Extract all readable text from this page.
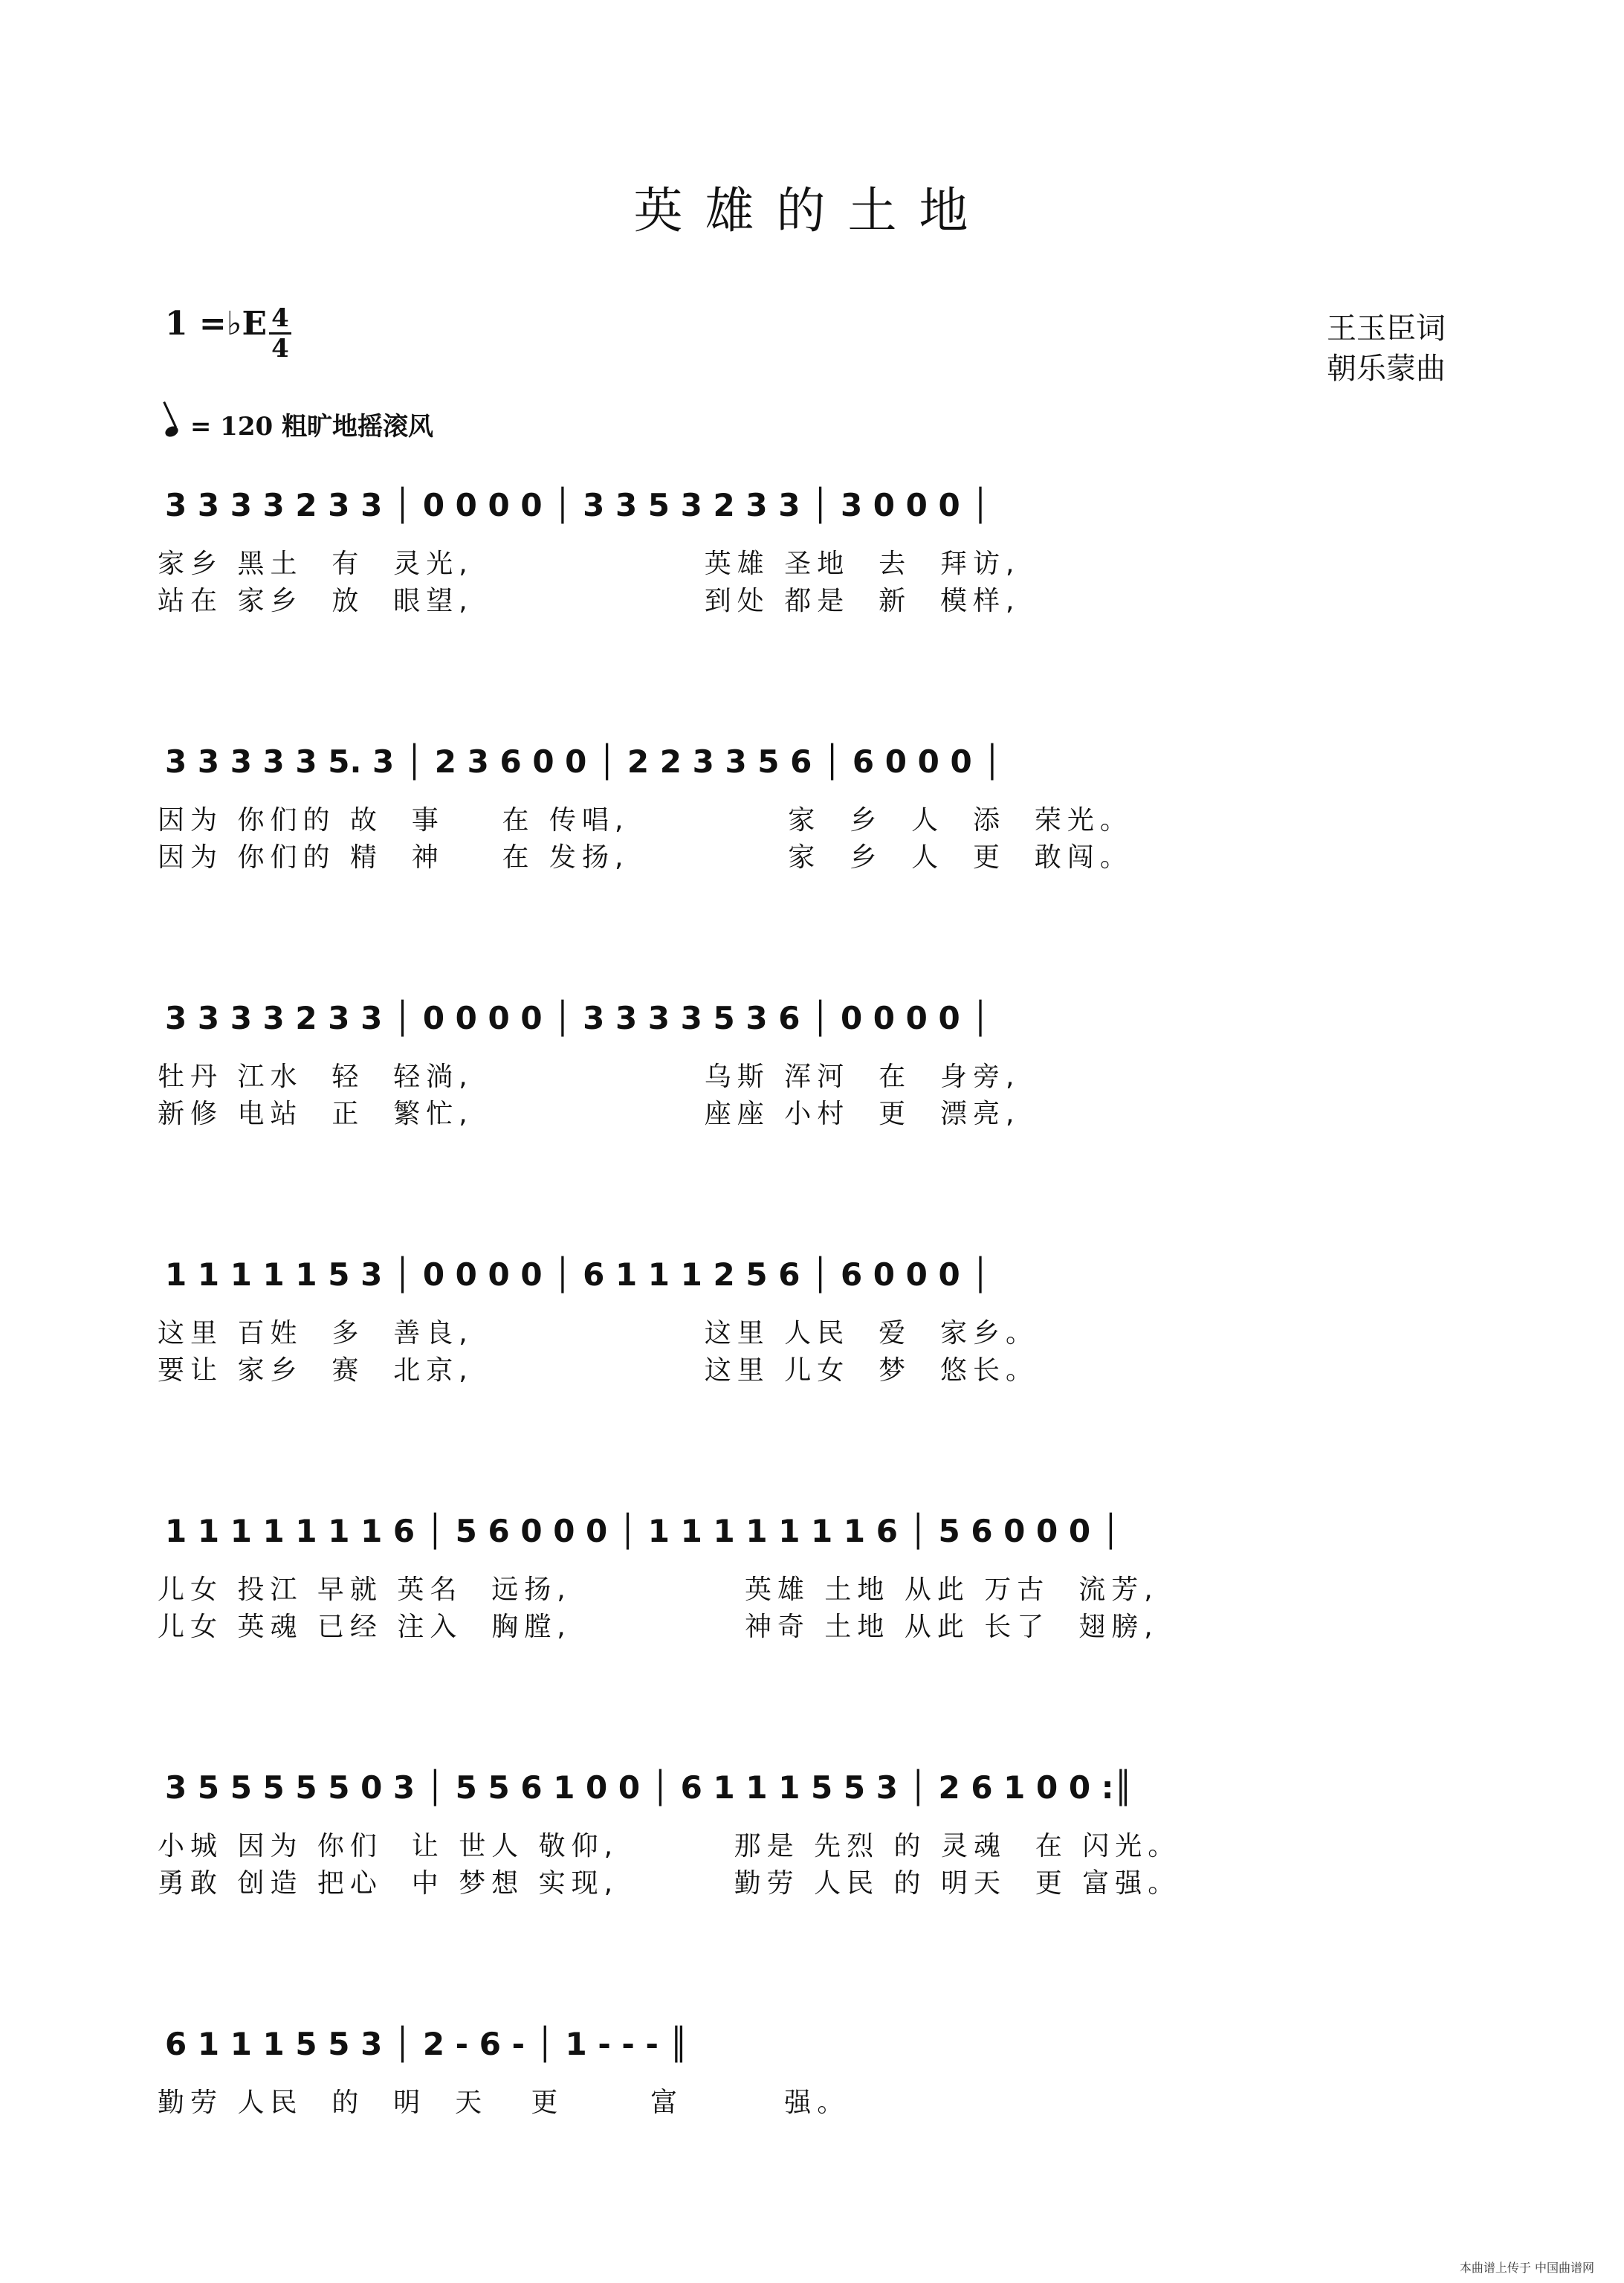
英雄的土地
1 =♭E 4
4
王玉臣词
朝乐蒙曲
= 120 粗旷地摇滚风
3 3 3 3 2 3 3 │ 0 0 0 0 │ 3 3 5 3 2 3 3 │ 3 0 0 0 │
家乡 黑土  有  灵光,                英雄 圣地  去  拜访,
站在 家乡  放  眼望,                到处 都是  新  模样,
3 3 3 3 3 5. 3 │ 2 3 6 0 0 │ 2 2 3 3 5 6 │ 6 0 0 0 │
因为 你们的 故  事    在 传唱,           家  乡  人  添  荣光。
因为 你们的 精  神    在 发扬,           家  乡  人  更  敢闯。
3 3 3 3 2 3 3 │ 0 0 0 0 │ 3 3 3 3 5 3 6 │ 0 0 0 0 │
牡丹 江水  轻  轻淌,                乌斯 浑河  在  身旁,
新修 电站  正  繁忙,                座座 小村  更  漂亮,
1 1 1 1 1 5 3 │ 0 0 0 0 │ 6 1 1 1 2 5 6 │ 6 0 0 0 │
这里 百姓  多  善良,                这里 人民  爱  家乡。
要让 家乡  赛  北京,                这里 儿女  梦  悠长。
1 1 1 1 1 1 1 6 │ 5 6 0 0 0 │ 1 1 1 1 1 1 1 6 │ 5 6 0 0 0 │
儿女 投江 早就 英名  远扬,            英雄 土地 从此 万古  流芳,
儿女 英魂 已经 注入  胸膛,            神奇 土地 从此 长了  翅膀,
3 5 5 5 5 5 0 3 │ 5 5 6 1 0 0 │ 6 1 1 1 5 5 3 │ 2 6 1 0 0 :║
小城 因为 你们  让 世人 敬仰,        那是 先烈 的 灵魂  在 闪光。
勇敢 创造 把心  中 梦想 实现,        勤劳 人民 的 明天  更 富强。
6 1 1 1 5 5 3 │ 2 - 6 - │ 1 - - - ║
勤劳 人民  的  明  天   更      富       强。
本曲谱上传于 中国曲谱网
